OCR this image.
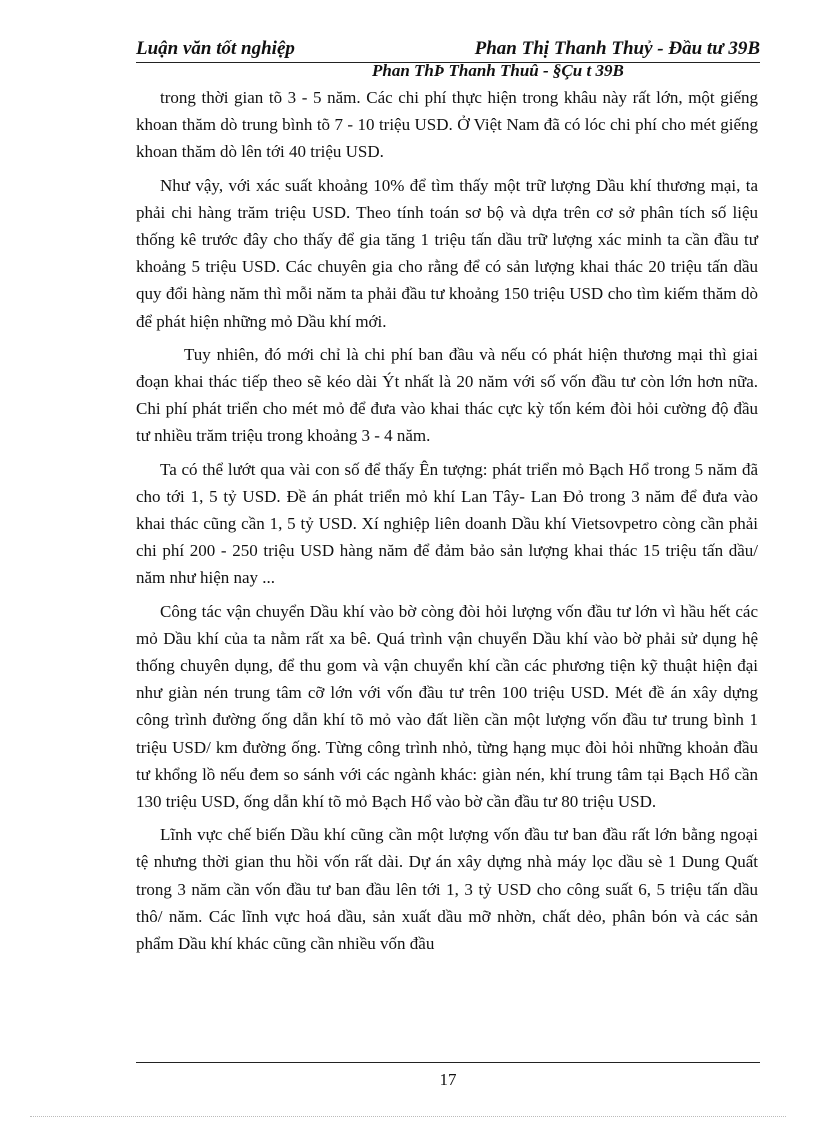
Luận văn tốt nghiệp	Phan Thị Thanh Thuỷ - Đầu tư 39B
Phan ThÞ Thanh Thuû - §Çu t 39B

trong thời gian tõ 3 - 5 năm. Các chi phí thực hiện trong khâu này rất lớn, một giếng khoan thăm dò trung bình tõ 7 - 10 triệu USD. Ở Việt Nam đã có lóc chi phí cho mét giếng khoan thăm dò lên tới 40 triệu USD.

Như vậy, với xác suất khoảng 10% để tìm thấy một trữ lượng Dầu khí thương mại, ta phải chi hàng trăm triệu USD. Theo tính toán sơ bộ và dựa trên cơ sở phân tích số liệu thống kê trước đây cho thấy để gia tăng 1 triệu tấn dầu trữ lượng xác minh ta cần đầu tư khoảng 5 triệu USD. Các chuyên gia cho rằng để có sản lượng khai thác 20 triệu tấn dầu quy đổi hàng năm thì mỗi năm ta phải đầu tư khoảng 150 triệu USD cho tìm kiếm thăm dò để phát hiện những mỏ Dầu khí mới.

Tuy nhiên, đó mới chỉ là chi phí ban đầu và nếu có phát hiện thương mại thì giai đoạn khai thác tiếp theo sẽ kéo dài Ýt nhất là 20 năm với số vốn đầu tư còn lớn hơn nữa. Chi phí phát triển cho mét mỏ để đưa vào khai thác cực kỳ tốn kém đòi hỏi cường độ đầu tư nhiều trăm triệu trong khoảng 3 - 4 năm.

Ta có thể lướt qua vài con số để thấy Ên tượng: phát triển mỏ Bạch Hổ trong 5 năm đã cho tới 1, 5 tỷ USD. Đề án phát triển mỏ khí Lan Tây- Lan Đỏ trong 3 năm để đưa vào khai thác cũng cần 1, 5 tỷ USD. Xí nghiệp liên doanh Dầu khí Vietsovpetro còng cần phải chi phí 200 - 250 triệu USD hàng năm để đảm bảo sản lượng khai thác 15 triệu tấn dầu/ năm như hiện nay ...

Công tác vận chuyển Dầu khí vào bờ còng đòi hỏi lượng vốn đầu tư lớn vì hầu hết các mỏ Dầu khí của ta nằm rất xa bê. Quá trình vận chuyển Dầu khí vào bờ phải sử dụng hệ thống chuyên dụng, để thu gom và vận chuyển khí cần các phương tiện kỹ thuật hiện đại như giàn nén trung tâm cỡ lớn với vốn đầu tư trên 100 triệu USD. Mét đề án xây dựng công trình đường ống dẫn khí tõ mỏ vào đất liền cần một lượng vốn đầu tư trung bình 1 triệu USD/ km đường ống. Từng công trình nhỏ, từng hạng mục đòi hỏi những khoản đầu tư khổng lồ nếu đem so sánh với các ngành khác: giàn nén, khí trung tâm tại Bạch Hổ cần 130 triệu USD, ống dẫn khí tõ mỏ Bạch Hổ vào bờ cần đầu tư 80 triệu USD.

Lĩnh vực chế biến Dầu khí cũng cần một lượng vốn đầu tư ban đầu rất lớn bằng ngoại tệ nhưng thời gian thu hồi vốn rất dài. Dự án xây dựng nhà máy lọc dầu sè 1 Dung Quất trong 3 năm cần vốn đầu tư ban đầu lên tới 1, 3 tỷ USD cho công suất 6, 5 triệu tấn dầu thô/ năm. Các lĩnh vực hoá dầu, sản xuất dầu mỡ nhờn, chất dẻo, phân bón và các sản phẩm Dầu khí khác cũng cần nhiều vốn đầu

17
